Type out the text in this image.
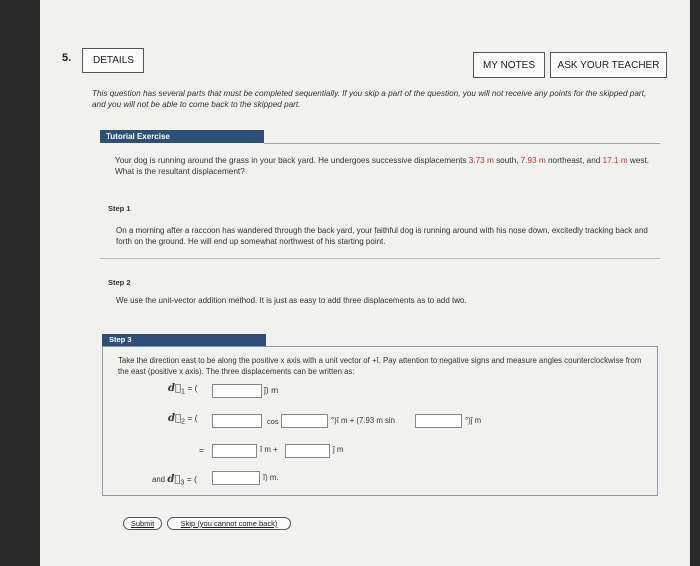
5.	DETAILS	MY NOTES	ASK YOUR TEACHER
This question has several parts that must be completed sequentially. If you skip a part of the question, you will not receive any points for the skipped part, and you will not be able to come back to the skipped part.
Tutorial Exercise
Your dog is running around the grass in your back yard. He undergoes successive displacements 3.73 m south, 7.93 m northeast, and 17.1 m west. What is the resultant displacement?
Step 1
On a morning after a raccoon has wandered through the back yard, your faithful dog is running around with his nose down, excitedly tracking back and forth on the ground. He will end up somewhat northwest of his starting point.
Step 2
We use the unit-vector addition method. It is just as easy to add three displacements as to add two.
Step 3
Take the direction east to be along the positive x axis with a unit vector of +î. Pay attention to negative signs and measure angles counterclockwise from the east (positive x axis). The three displacements can be written as:
$d⃗_1$ = (	ĵ) m
$d⃗_2$ = (	cos	°)î m + (7.93 m sin	°)ĵ m
=	î m +	ĵ m
and $d⃗_3$ = (	î) m.
Submit	Skip (you cannot come back)
